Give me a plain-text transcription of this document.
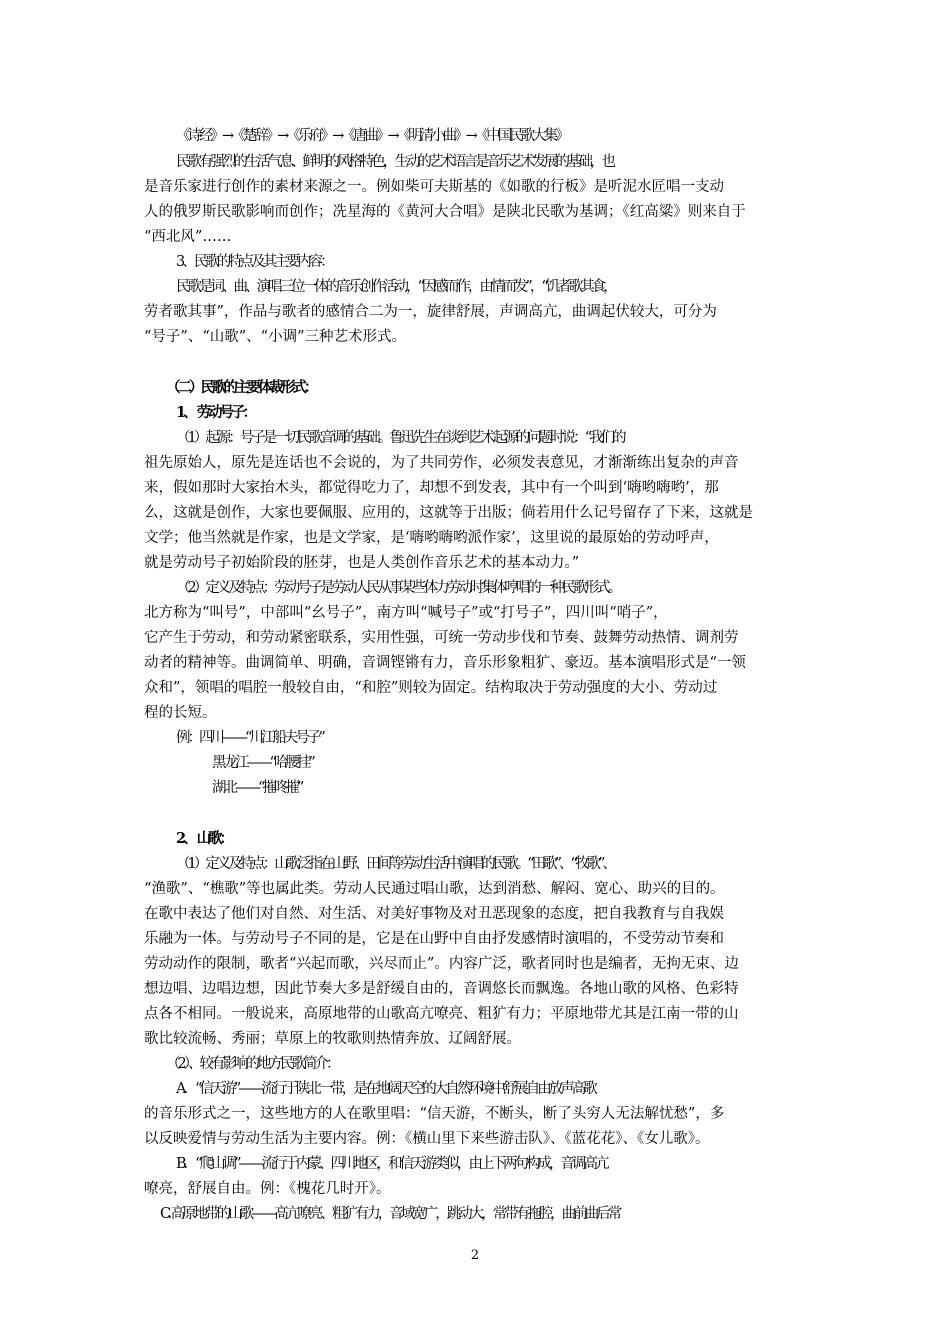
《诗经》→《楚辞》→《乐府》→《唐曲》→《明清小曲》→《中国民歌大集》
民歌有强烈的生活气息、鲜明的风格特色，生动的艺术语言是音乐艺术发展的基础，也
是音乐家进行创作的素材来源之一。例如柴可夫斯基的《如歌的行板》是听泥水匠唱一支动
人的俄罗斯民歌影响而创作；冼星海的《黄河大合唱》是陕北民歌为基调；《红高粱》则来自于
“西北风”……
3、民歌的特点及其主要内容：
民歌是词、曲、演唱三位一体的音乐创作活动，“因感而作，由情而发”，“饥者歌其食，
劳者歌其事”，作品与歌者的感情合二为一，旋律舒展，声调高亢，曲调起伏较大，可分为
“号子”、“山歌”、“小调”三种艺术形式。
（二）民歌的主要体裁形式：
1、 劳动号子：
（1）起源：号子是一切民歌音调的基础。鲁迅先生在谈到艺术起源的问题时说：“我们的
祖先原始人，原先是连话也不会说的，为了共同劳作，必须发表意见，才渐渐练出复杂的声音
来，假如那时大家抬木头，都觉得吃力了，却想不到发表，其中有一个叫到‘嗨哟嗨哟’，那
么，这就是创作，大家也要佩服、应用的，这就等于出版；倘若用什么记号留存了下来，这就是
文学；他当然就是作家，也是文学家，是‘嗨哟嗨哟派作家’，这里说的最原始的劳动呼声，
就是劳动号子初始阶段的胚芽，也是人类创作音乐艺术的基本动力。”
（2）定义及特点：劳动号子是劳动人民从事某些体力劳动时集体哼唱的一种民歌形式。
北方称为“叫号”，中部叫“幺号子”，南方叫“喊号子”或“打号子”，四川叫“哨子”，
它产生于劳动，和劳动紧密联系，实用性强，可统一劳动步伐和节奏、鼓舞劳动热情、调剂劳
动者的精神等。曲调简单、明确，音调铿锵有力，音乐形象粗犷、豪迈。基本演唱形式是“一领
众和”，领唱的唱腔一般较自由，“和腔”则较为固定。结构取决于劳动强度的大小、劳动过
程的长短。
例：四川——“川江船夫号子”
黑龙江——“哈腰挂”
湖北——“摧咚摧”
2、 山歌：
（1）定义及特点：山歌泛指在山野、田间等劳动生活中演唱的民歌。“田歌”、“牧歌”、
“渔歌”、“樵歌”等也属此类。劳动人民通过唱山歌，达到消愁、解闷、宽心、助兴的目的。
在歌中表达了他们对自然、对生活、对美好事物及对丑恶现象的态度，把自我教育与自我娱
乐融为一体。与劳动号子不同的是，它是在山野中自由抒发感情时演唱的，不受劳动节奏和
劳动动作的限制，歌者“兴起而歌，兴尽而止”。内容广泛，歌者同时也是编者，无拘无束、边
想边唱、边唱边想，因此节奏大多是舒缓自由的，音调悠长而飘逸。各地山歌的风格、色彩特
点各不相同。一般说来，高原地带的山歌高亢嘹亮、粗犷有力；平原地带尤其是江南一带的山
歌比较流畅、秀丽；草原上的牧歌则热情奔放、辽阔舒展。
（2）、较有影响的地方民歌简介：
A．“信天游”——流行于陕北一带，是在地阔天空的大自然环境中舒展自由放声高歌
的音乐形式之一，这些地方的人在歌里唱：“信天游，不断头，断了头穷人无法解忧愁”，多
以反映爱情与劳动生活为主要内容。例：《横山里下来些游击队》、《蓝花花》、《女儿歌》。
B．“爬山调”——流行于内蒙、四川地区，和信天游类似，由上下两句构成，音调高亢
嘹亮，舒展自由。例：《槐花几时开》。
C. 高原地带的山歌——高亢嘹亮、粗犷有力，音域宽广，跳动大，常带有拖腔，曲前曲后常
2
